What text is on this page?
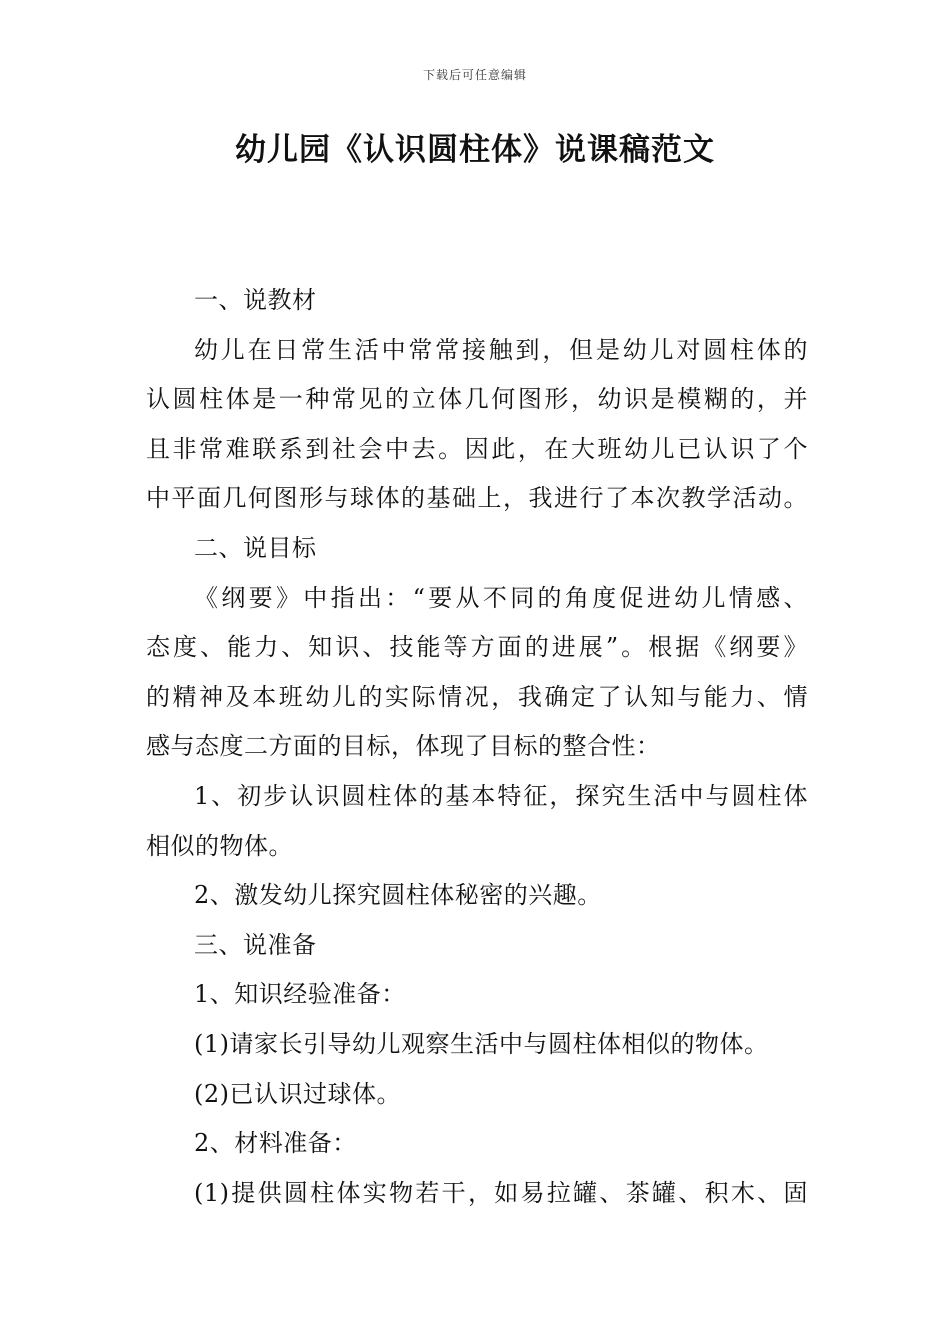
下载后可任意编辑
幼儿园《认识圆柱体》说课稿范文
一、说教材
幼儿在日常生活中常常接触到，但是幼儿对圆柱体的
认圆柱体是一种常见的立体几何图形，幼识是模糊的，并
且非常难联系到社会中去。因此，在大班幼儿已认识了个
中平面几何图形与球体的基础上，我进行了本次教学活动。
二、说目标
《纲要》中指出：“要从不同的角度促进幼儿情感、
态度、能力、知识、技能等方面的进展”。根据《纲要》
的精神及本班幼儿的实际情况，我确定了认知与能力、情
感与态度二方面的目标，体现了目标的整合性：
1、初步认识圆柱体的基本特征，探究生活中与圆柱体
相似的物体。
2、激发幼儿探究圆柱体秘密的兴趣。
三、说准备
1、知识经验准备：
(1)请家长引导幼儿观察生活中与圆柱体相似的物体。
(2)已认识过球体。
2、材料准备：
(1)提供圆柱体实物若干，如易拉罐、茶罐、积木、固
